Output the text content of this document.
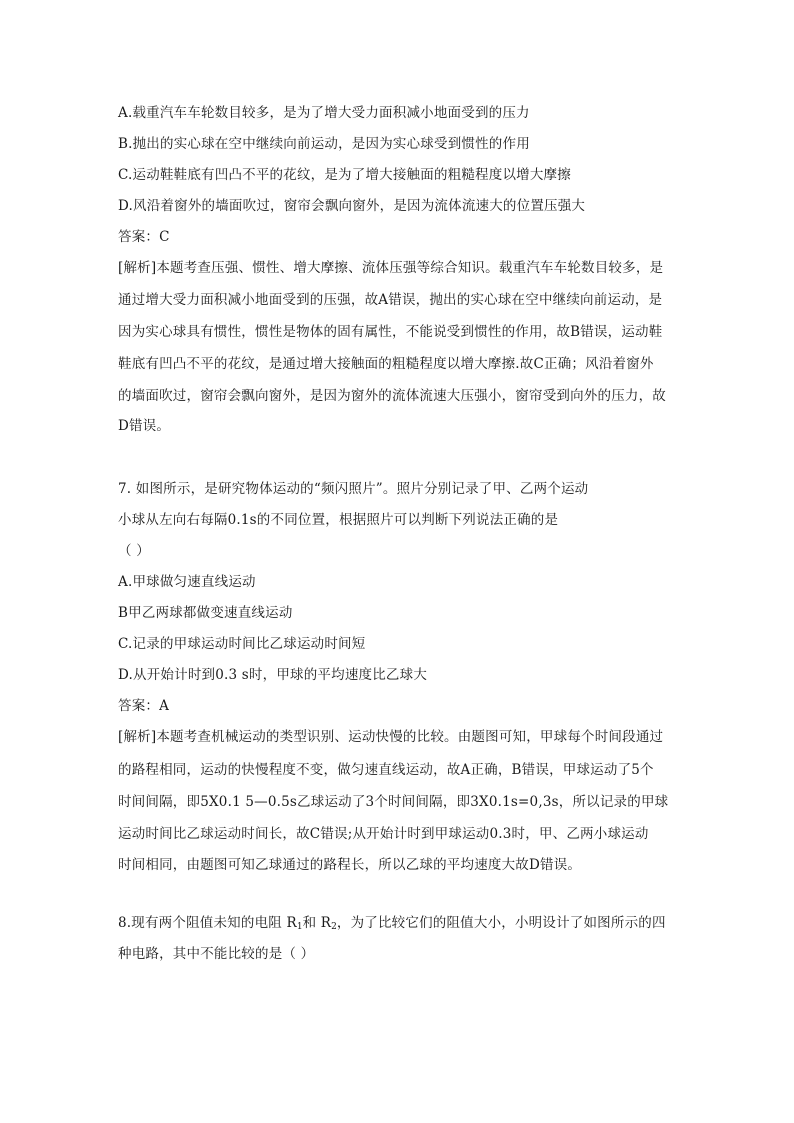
A.载重汽车车轮数目较多，是为了增大受力面积减小地面受到的压力
B.抛出的实心球在空中继续向前运动，是因为实心球受到惯性的作用
C.运动鞋鞋底有凹凸不平的花纹，是为了增大接触面的粗糙程度以增大摩擦
D.风沿着窗外的墙面吹过，窗帘会飘向窗外，是因为流体流速大的位置压强大
答案：C
[解析]本题考查压强、惯性、增大摩擦、流体压强等综合知识。载重汽车车轮数目较多，是
通过增大受力面积减小地面受到的压强，故A错误，抛出的实心球在空中继续向前运动，是
因为实心球具有惯性，惯性是物体的固有属性，不能说受到惯性的作用，故B错误，运动鞋
鞋底有凹凸不平的花纹，是通过增大接触面的粗糙程度以增大摩擦.故C正确；风沿着窗外
的墙面吹过，窗帘会飘向窗外，是因为窗外的流体流速大压强小，窗帘受到向外的压力，故
D错误。
7. 如图所示，是研究物体运动的“频闪照片”。照片分别记录了甲、乙两个运动
小球从左向右每隔0.1s的不同位置，根据照片可以判断下列说法正确的是
（ ）
A.甲球做匀速直线运动
B甲乙两球都做变速直线运动
C.记录的甲球运动时间比乙球运动时间短
D.从开始计时到0.3 s时，甲球的平均速度比乙球大
答案：A
[解析]本题考查机械运动的类型识别、运动快慢的比较。由题图可知，甲球每个时间段通过
的路程相同，运动的快慢程度不变，做匀速直线运动，故A正确，B错误，甲球运动了5个
时间间隔，即5X0.1 5—0.5s乙球运动了3个时间间隔，即3X0.1s=0,3s，所以记录的甲球
运动时间比乙球运动时间长，故C错误;从开始计时到甲球运动0.3时，甲、乙两小球运动
时间相同，由题图可知乙球通过的路程长，所以乙球的平均速度大故D错误。
8.现有两个阻值未知的电阻 $R_1$和 $R_2$，为了比较它们的阻值大小，小明设计了如图所示的四
种电路，其中不能比较的是（ ）
